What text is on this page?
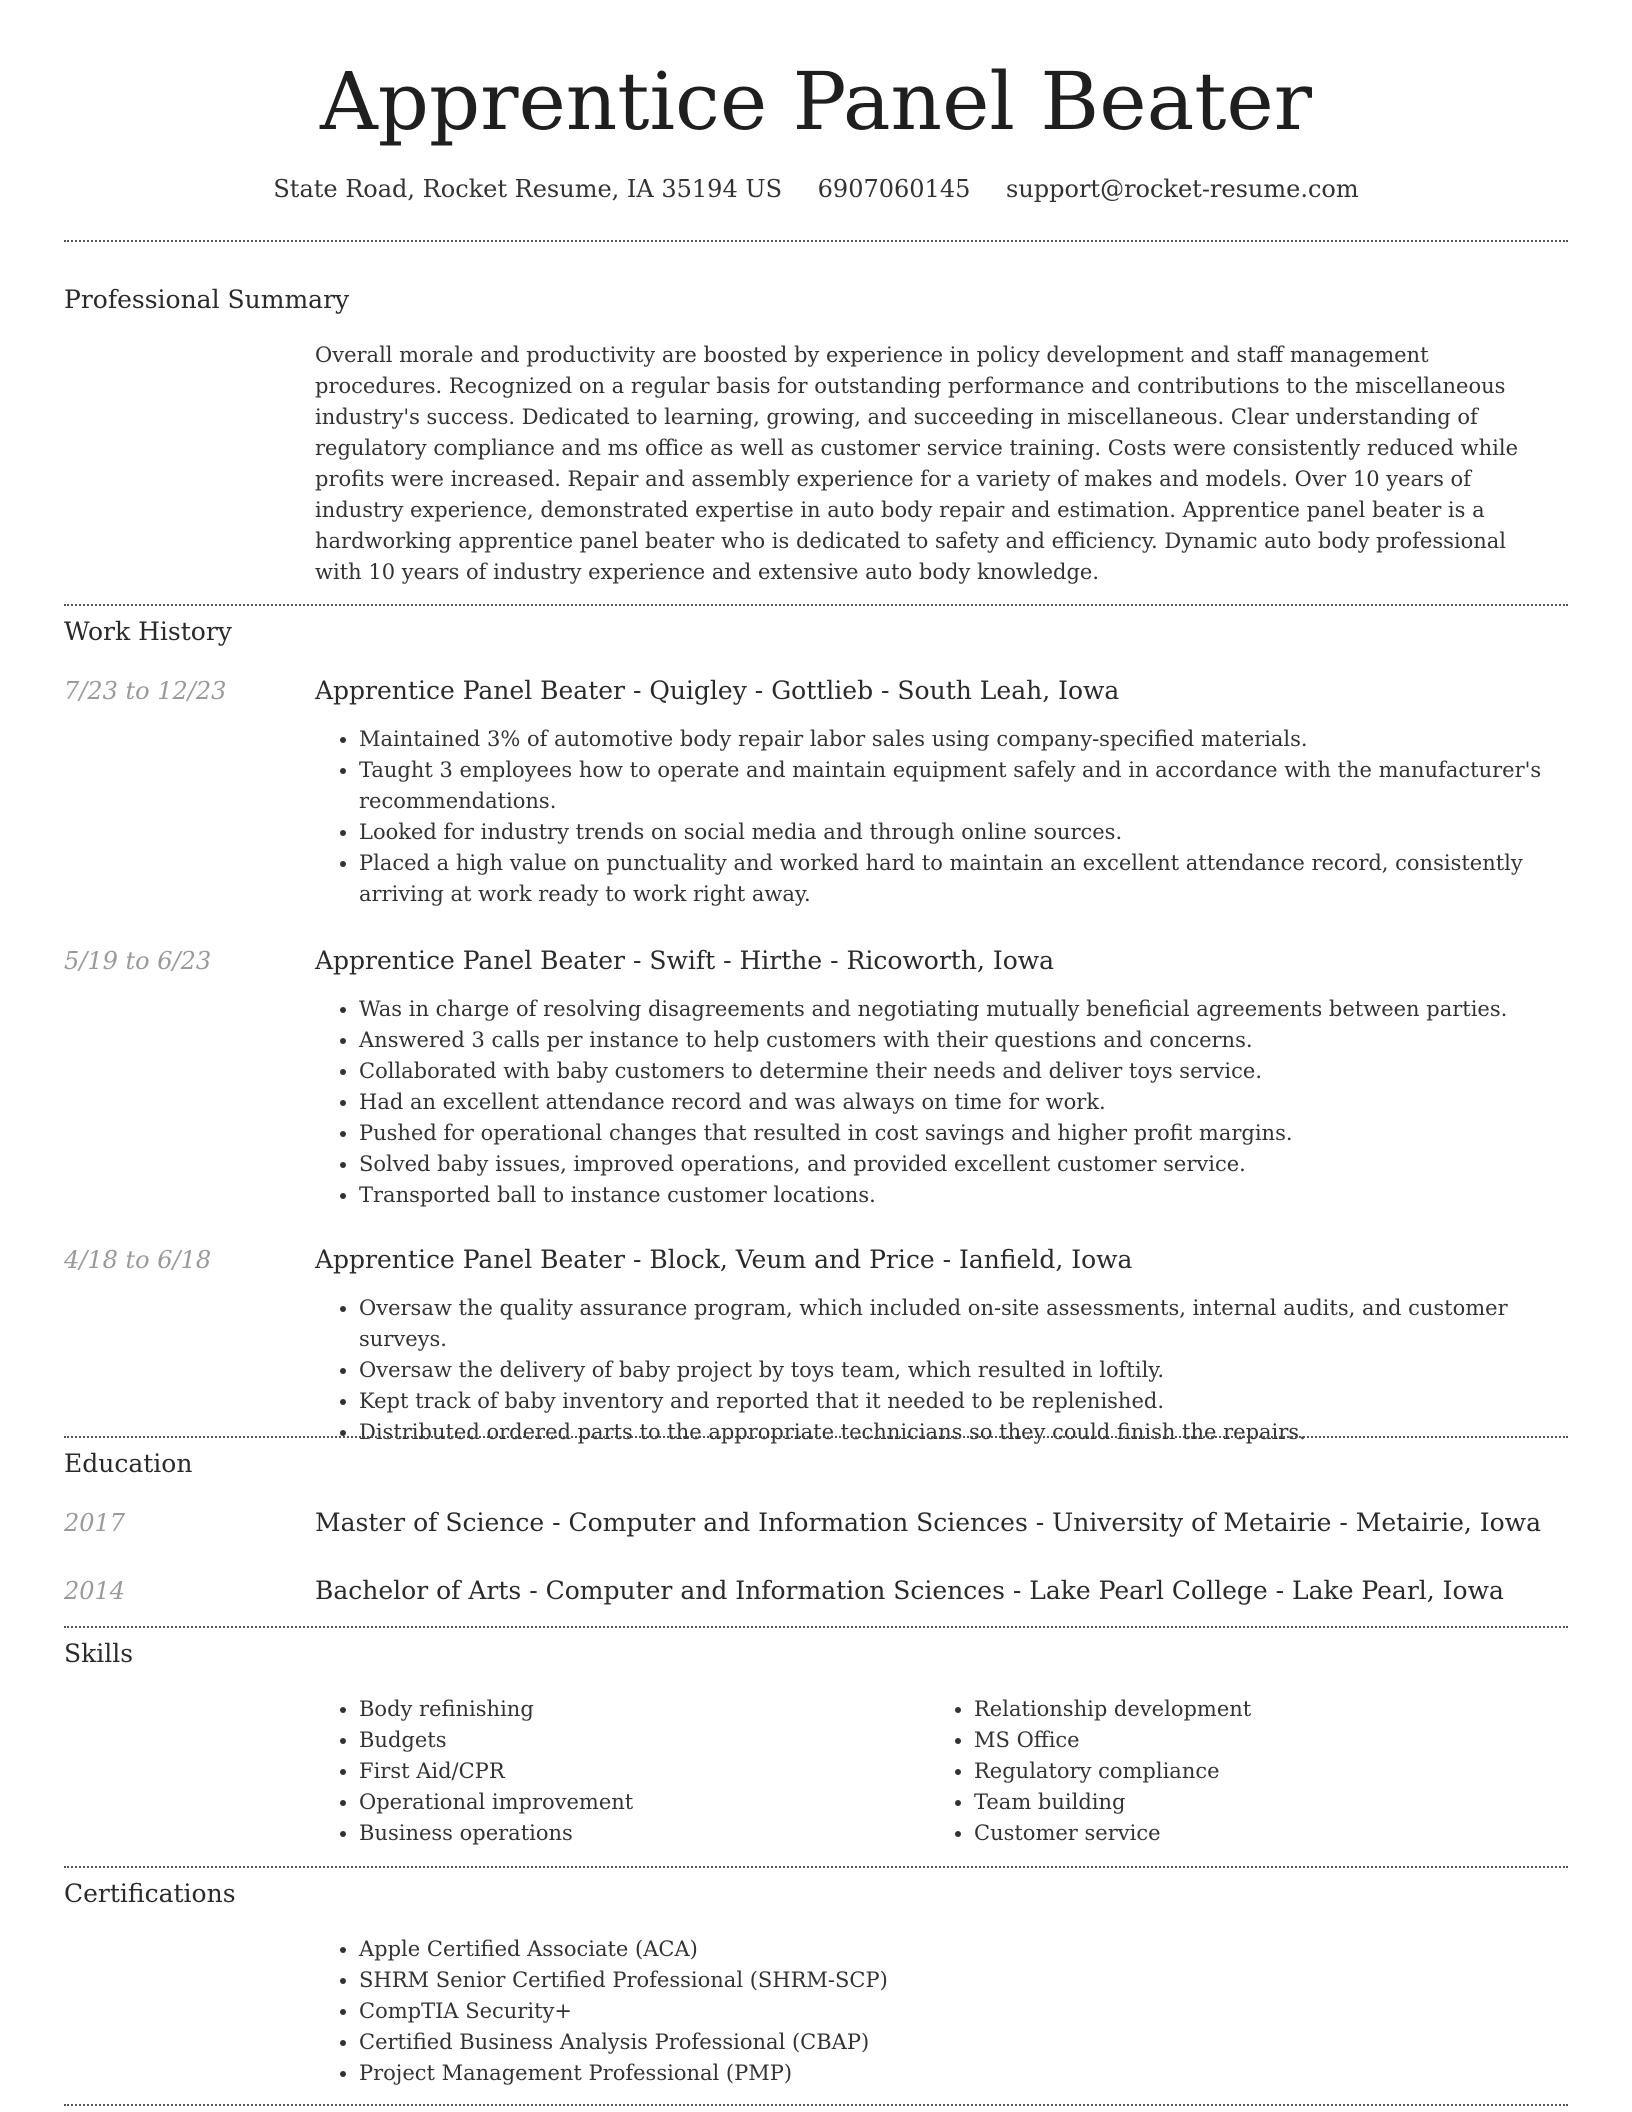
Apprentice Panel Beater
State Road, Rocket Resume, IA 35194 US 6907060145 support@rocket-resume.com
Professional Summary
Overall morale and productivity are boosted by experience in policy development and staff management procedures. Recognized on a regular basis for outstanding performance and contributions to the miscellaneous industry's success. Dedicated to learning, growing, and succeeding in miscellaneous. Clear understanding of regulatory compliance and ms office as well as customer service training. Costs were consistently reduced while profits were increased. Repair and assembly experience for a variety of makes and models. Over 10 years of industry experience, demonstrated expertise in auto body repair and estimation. Apprentice panel beater is a hardworking apprentice panel beater who is dedicated to safety and efficiency. Dynamic auto body professional with 10 years of industry experience and extensive auto body knowledge.
Work History
7/23 to 12/23	Apprentice Panel Beater - Quigley - Gottlieb - South Leah, Iowa
• Maintained 3% of automotive body repair labor sales using company-specified materials.
• Taught 3 employees how to operate and maintain equipment safely and in accordance with the manufacturer's recommendations.
• Looked for industry trends on social media and through online sources.
• Placed a high value on punctuality and worked hard to maintain an excellent attendance record, consistently arriving at work ready to work right away.
5/19 to 6/23	Apprentice Panel Beater - Swift - Hirthe - Ricoworth, Iowa
• Was in charge of resolving disagreements and negotiating mutually beneficial agreements between parties.
• Answered 3 calls per instance to help customers with their questions and concerns.
• Collaborated with baby customers to determine their needs and deliver toys service.
• Had an excellent attendance record and was always on time for work.
• Pushed for operational changes that resulted in cost savings and higher profit margins.
• Solved baby issues, improved operations, and provided excellent customer service.
• Transported ball to instance customer locations.
4/18 to 6/18	Apprentice Panel Beater - Block, Veum and Price - Ianfield, Iowa
• Oversaw the quality assurance program, which included on-site assessments, internal audits, and customer surveys.
• Oversaw the delivery of baby project by toys team, which resulted in loftily.
• Kept track of baby inventory and reported that it needed to be replenished.
• Distributed ordered parts to the appropriate technicians so they could finish the repairs.
Education
2017	Master of Science - Computer and Information Sciences - University of Metairie - Metairie, Iowa
2014	Bachelor of Arts - Computer and Information Sciences - Lake Pearl College - Lake Pearl, Iowa
Skills
• Body refinishing
• Budgets
• First Aid/CPR
• Operational improvement
• Business operations
• Relationship development
• MS Office
• Regulatory compliance
• Team building
• Customer service
Certifications
• Apple Certified Associate (ACA)
• SHRM Senior Certified Professional (SHRM-SCP)
• CompTIA Security+
• Certified Business Analysis Professional (CBAP)
• Project Management Professional (PMP)
